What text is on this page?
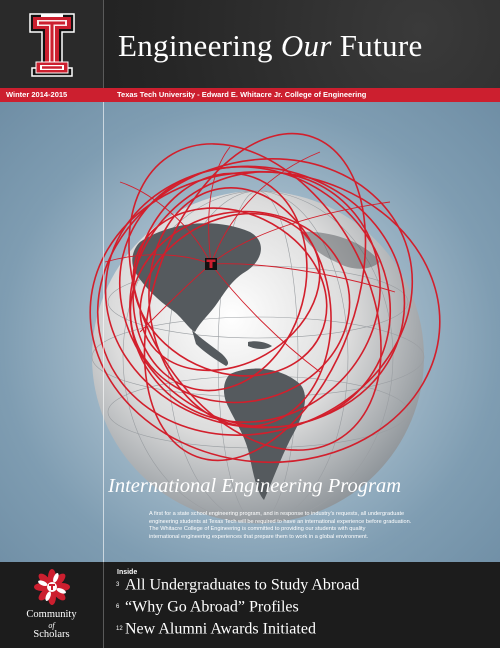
Engineering Our Future
Winter 2014-2015	Texas Tech University - Edward E. Whitacre Jr. College of Engineering
International Engineering Program

A first for a state school engineering program, and in response to industry's requests, all undergraduate

engineering students at Texas Tech will be required to have an international experience before graduation.

The Whitacre College of Engineering is committed to providing our students with quality

international engineering experiences that prepare them to work in a global environment.

Community
of
Scholars
Inside
3 All Undergraduates to Study Abroad
6 “Why Go Abroad” Profiles
12 New Alumni Awards Initiated
